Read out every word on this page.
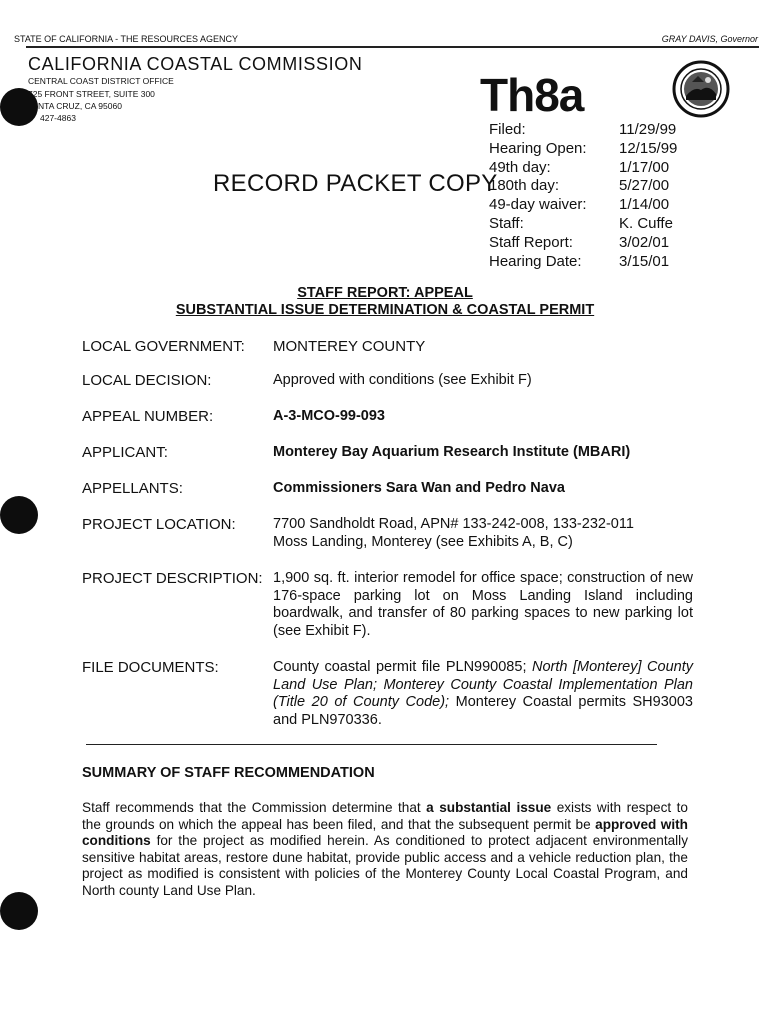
STATE OF CALIFORNIA - THE RESOURCES AGENCY	GRAY DAVIS, Governor
CALIFORNIA COASTAL COMMISSION
CENTRAL COAST DISTRICT OFFICE
725 FRONT STREET, SUITE 300
NTA CRUZ, CA 95060
427-4863	Th8a
RECORD PACKET COPY
Filed:	11/29/99
Hearing Open:	12/15/99
49th day:	1/17/00
180th day:	5/27/00
49-day waiver:	1/14/00
Staff:	K. Cuffe
Staff Report:	3/02/01
Hearing Date:	3/15/01
STAFF REPORT: APPEAL
SUBSTANTIAL ISSUE DETERMINATION & COASTAL PERMIT
LOCAL GOVERNMENT: MONTEREY COUNTY
LOCAL DECISION:	Approved with conditions (see Exhibit F)
APPEAL NUMBER:	A-3-MCO-99-093
APPLICANT:	Monterey Bay Aquarium Research Institute (MBARI)
APPELLANTS:	Commissioners Sara Wan and Pedro Nava
PROJECT LOCATION:	7700 Sandholdt Road, APN# 133-242-008, 133-232-011
Moss Landing, Monterey (see Exhibits A, B, C)
PROJECT DESCRIPTION: 1,900 sq. ft. interior remodel for office space; construction of new 176-space parking lot on Moss Landing Island including boardwalk, and transfer of 80 parking spaces to new parking lot (see Exhibit F).
FILE DOCUMENTS:	County coastal permit file PLN990085; North [Monterey] County Land Use Plan; Monterey County Coastal Implementation Plan (Title 20 of County Code); Monterey Coastal permits SH93003 and PLN970336.
SUMMARY OF STAFF RECOMMENDATION
Staff recommends that the Commission determine that a substantial issue exists with respect to the grounds on which the appeal has been filed, and that the subsequent permit be approved with conditions for the project as modified herein. As conditioned to protect adjacent environmentally sensitive habitat areas, restore dune habitat, provide public access and a vehicle reduction plan, the project as modified is consistent with policies of the Monterey County Local Coastal Program, and North county Land Use Plan.
